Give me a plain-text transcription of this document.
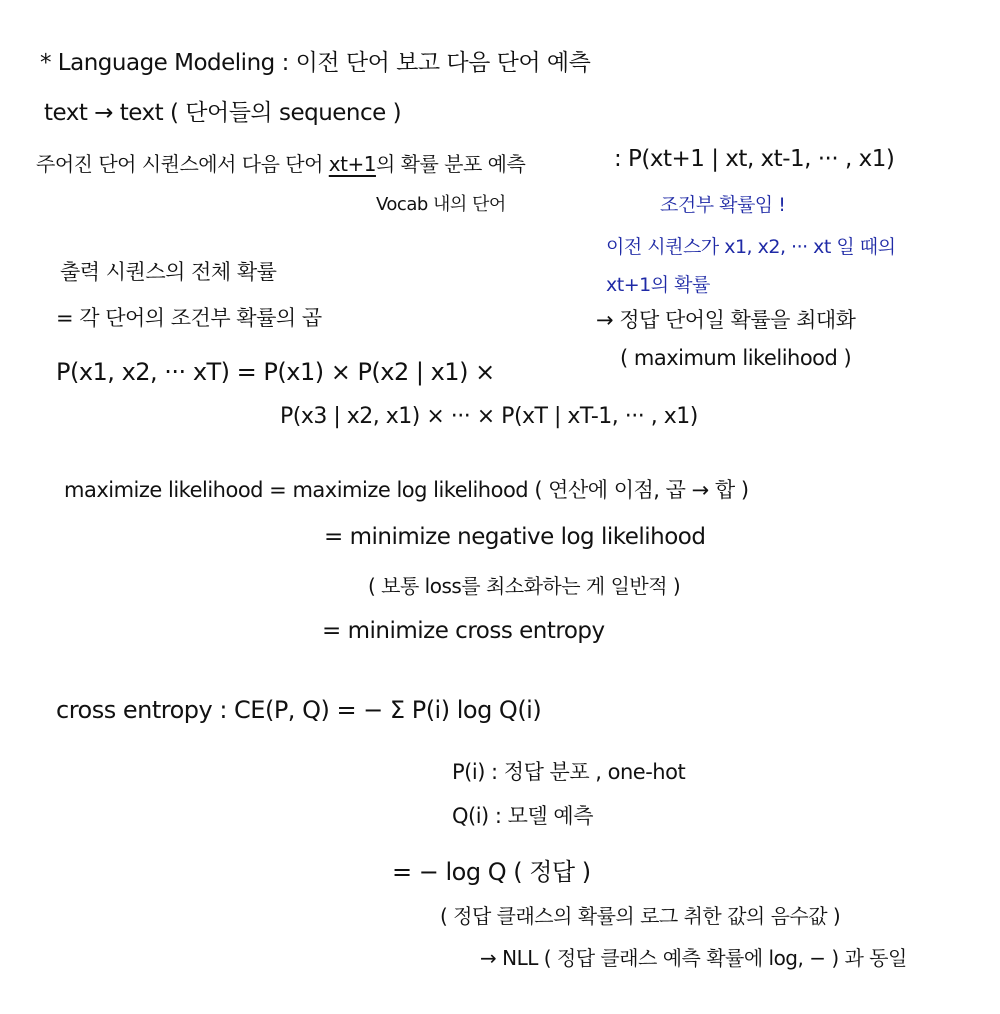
* Language Modeling : 이전 단어 보고 다음 단어 예측
text → text ( 단어들의 sequence )
주어진 단어 시퀀스에서 다음 단어 xt+1의 확률 분포 예측	: P(xt+1 | xt, xt-1, ··· , x1)
Vocab 내의 단어	조건부 확률임 !
이전 시퀀스가 x1, x2, ··· xt 일 때의
xt+1의 확률
출력 시퀀스의 전체 확률
= 각 단어의 조건부 확률의 곱	→ 정답 단어일 확률을 최대화
( maximum likelihood )
P(x1, x2, ··· xT) = P(x1) × P(x2 | x1) ×
P(x3 | x2, x1) × ··· × P(xT | xT-1, ··· , x1)
maximize likelihood = maximize log likelihood ( 연산에 이점, 곱 → 합 )
= minimize negative log likelihood
( 보통 loss를 최소화하는 게 일반적 )
= minimize cross entropy
cross entropy : CE(P, Q) = − Σ P(i) log Q(i)
P(i) : 정답 분포 , one-hot
Q(i) : 모델 예측
= − log Q ( 정답 )
( 정답 클래스의 확률의 로그 취한 값의 음수값 )
→ NLL ( 정답 클래스 예측 확률에 log, − ) 과 동일
